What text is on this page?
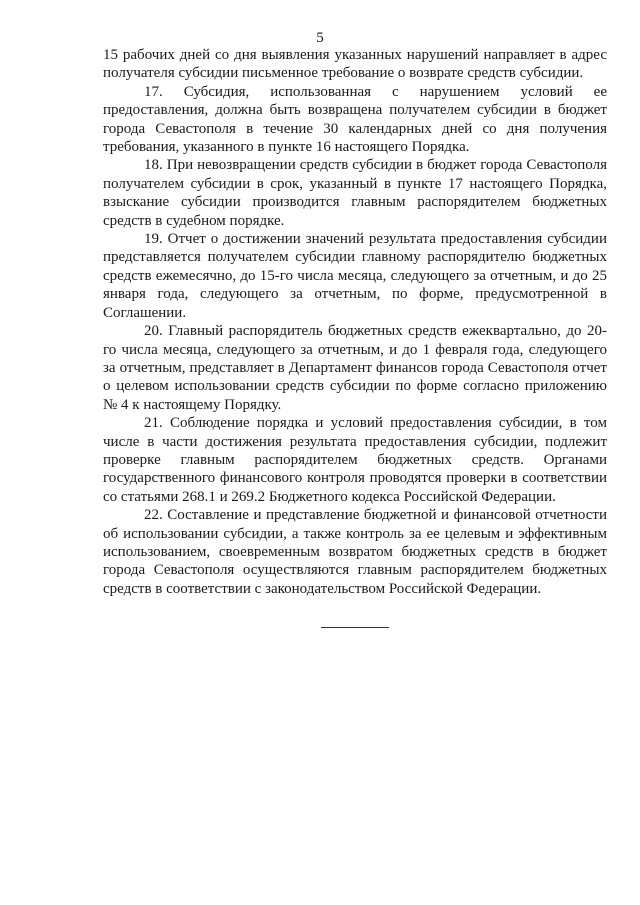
5

15 рабочих дней со дня выявления указанных нарушений направляет в адрес получателя субсидии письменное требование о возврате средств субсидии.

17. Субсидия, использованная с нарушением условий ее предоставления, должна быть возвращена получателем субсидии в бюджет города Севастополя в течение 30 календарных дней со дня получения требования, указанного в пункте 16 настоящего Порядка.

18. При невозвращении средств субсидии в бюджет города Севастополя получателем субсидии в срок, указанный в пункте 17 настоящего Порядка, взыскание субсидии производится главным распорядителем бюджетных средств в судебном порядке.

19. Отчет о достижении значений результата предоставления субсидии представляется получателем субсидии главному распорядителю бюджетных средств ежемесячно, до 15-го числа месяца, следующего за отчетным, и до 25 января года, следующего за отчетным, по форме, предусмотренной в Соглашении.

20. Главный распорядитель бюджетных средств ежеквартально, до 20-го числа месяца, следующего за отчетным, и до 1 февраля года, следующего за отчетным, представляет в Департамент финансов города Севастополя отчет о целевом использовании средств субсидии по форме согласно приложению № 4 к настоящему Порядку.

21. Соблюдение порядка и условий предоставления субсидии, в том числе в части достижения результата предоставления субсидии, подлежит проверке главным распорядителем бюджетных средств. Органами государственного финансового контроля проводятся проверки в соответствии со статьями 268.1 и 269.2 Бюджетного кодекса Российской Федерации.

22. Составление и представление бюджетной и финансовой отчетности об использовании субсидии, а также контроль за ее целевым и эффективным использованием, своевременным возвратом бюджетных средств в бюджет города Севастополя осуществляются главным распорядителем бюджетных средств в соответствии с законодательством Российской Федерации.
